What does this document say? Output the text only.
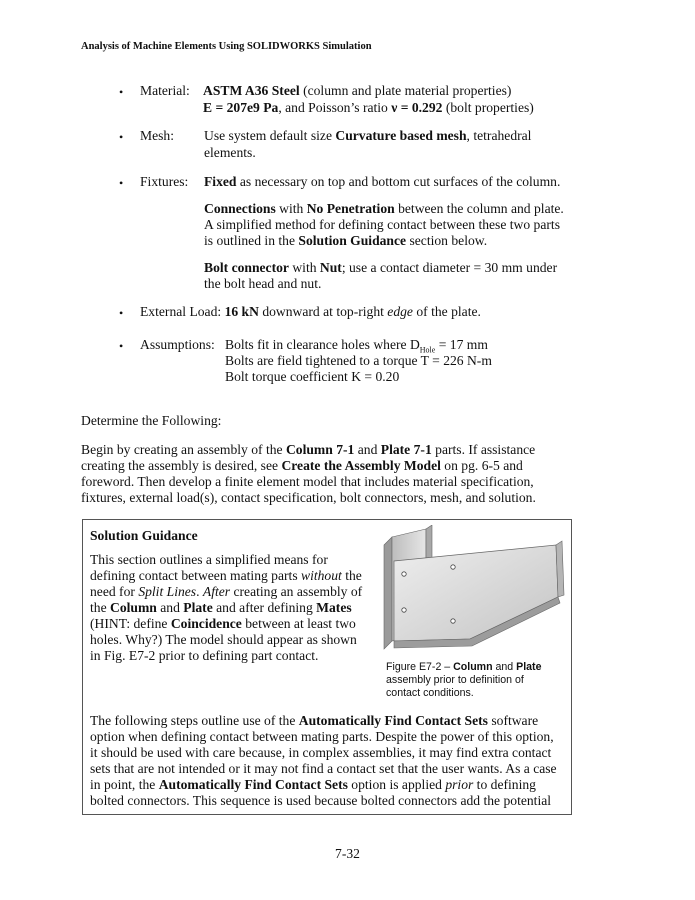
Analysis of Machine Elements Using SOLIDWORKS Simulation
• Material: ASTM A36 Steel (column and plate material properties)
E = 207e9 Pa, and Poisson’s ratio ν = 0.292 (bolt properties)
• Mesh: Use system default size Curvature based mesh, tetrahedral
elements.
• Fixtures: Fixed as necessary on top and bottom cut surfaces of the column.
Connections with No Penetration between the column and plate.
A simplified method for defining contact between these two parts
is outlined in the Solution Guidance section below.
Bolt connector with Nut; use a contact diameter = 30 mm under
the bolt head and nut.
• External Load: 16 kN downward at top-right edge of the plate.
• Assumptions: Bolts fit in clearance holes where $D_{Hole} = 17$ mm
Bolts are field tightened to a torque T = 226 N-m
Bolt torque coefficient K = 0.20
Determine the Following:
Begin by creating an assembly of the Column 7-1 and Plate 7-1 parts. If assistance
creating the assembly is desired, see Create the Assembly Model on pg. 6-5 and
foreword. Then develop a finite element model that includes material specification,
fixtures, external load(s), contact specification, bolt connectors, mesh, and solution.
Solution Guidance
This section outlines a simplified means for
defining contact between mating parts without the
need for Split Lines. After creating an assembly of
the Column and Plate and after defining Mates
(HINT: define Coincidence between at least two
holes. Why?) The model should appear as shown
in Fig. E7-2 prior to defining part contact.
Figure E7-2 – Column and Plate
assembly prior to definition of
contact conditions.
The following steps outline use of the Automatically Find Contact Sets software
option when defining contact between mating parts. Despite the power of this option,
it should be used with care because, in complex assemblies, it may find extra contact
sets that are not intended or it may not find a contact set that the user wants. As a case
in point, the Automatically Find Contact Sets option is applied prior to defining
bolted connectors. This sequence is used because bolted connectors add the potential
7-32
